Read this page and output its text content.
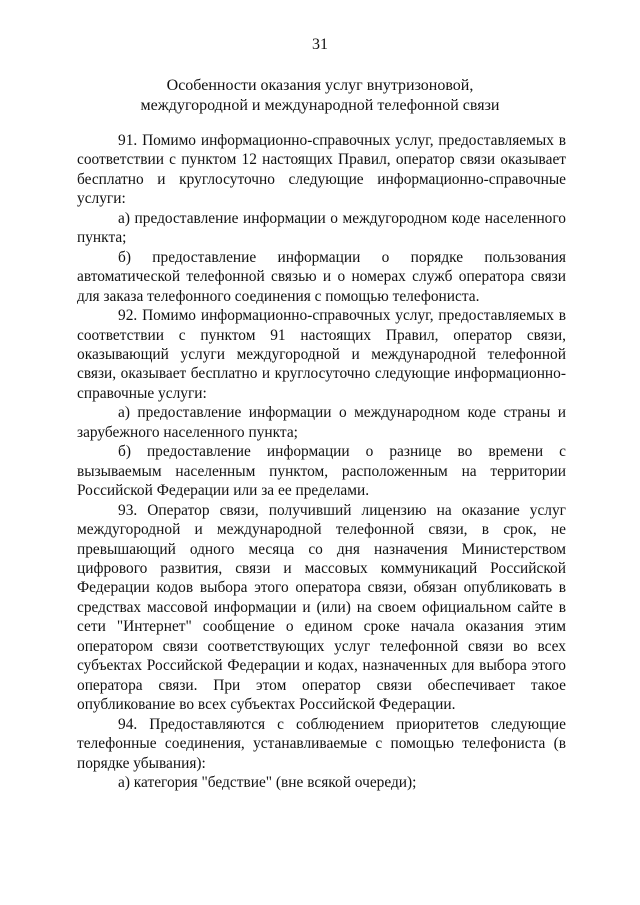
31
Особенности оказания услуг внутризоновой,
междугородной и международной телефонной связи

91. Помимо информационно-справочных услуг, предоставляемых в соответствии с пунктом 12 настоящих Правил, оператор связи оказывает бесплатно и круглосуточно следующие информационно-справочные услуги:

а) предоставление информации о междугородном коде населенного пункта;

б) предоставление информации о порядке пользования автоматической телефонной связью и о номерах служб оператора связи для заказа телефонного соединения с помощью телефониста.

92. Помимо информационно-справочных услуг, предоставляемых в соответствии с пунктом 91 настоящих Правил, оператор связи, оказывающий услуги междугородной и международной телефонной связи, оказывает бесплатно и круглосуточно следующие информационно-справочные услуги:

а) предоставление информации о международном коде страны и зарубежного населенного пункта;

б) предоставление информации о разнице во времени с вызываемым населенным пунктом, расположенным на территории Российской Федерации или за ее пределами.

93. Оператор связи, получивший лицензию на оказание услуг междугородной и международной телефонной связи, в срок, не превышающий одного месяца со дня назначения Министерством цифрового развития, связи и массовых коммуникаций Российской Федерации кодов выбора этого оператора связи, обязан опубликовать в средствах массовой информации и (или) на своем официальном сайте в сети "Интернет" сообщение о едином сроке начала оказания этим оператором связи соответствующих услуг телефонной связи во всех субъектах Российской Федерации и кодах, назначенных для выбора этого оператора связи. При этом оператор связи обеспечивает такое опубликование во всех субъектах Российской Федерации.

94. Предоставляются с соблюдением приоритетов следующие телефонные соединения, устанавливаемые с помощью телефониста (в порядке убывания):

а) категория "бедствие" (вне всякой очереди);
